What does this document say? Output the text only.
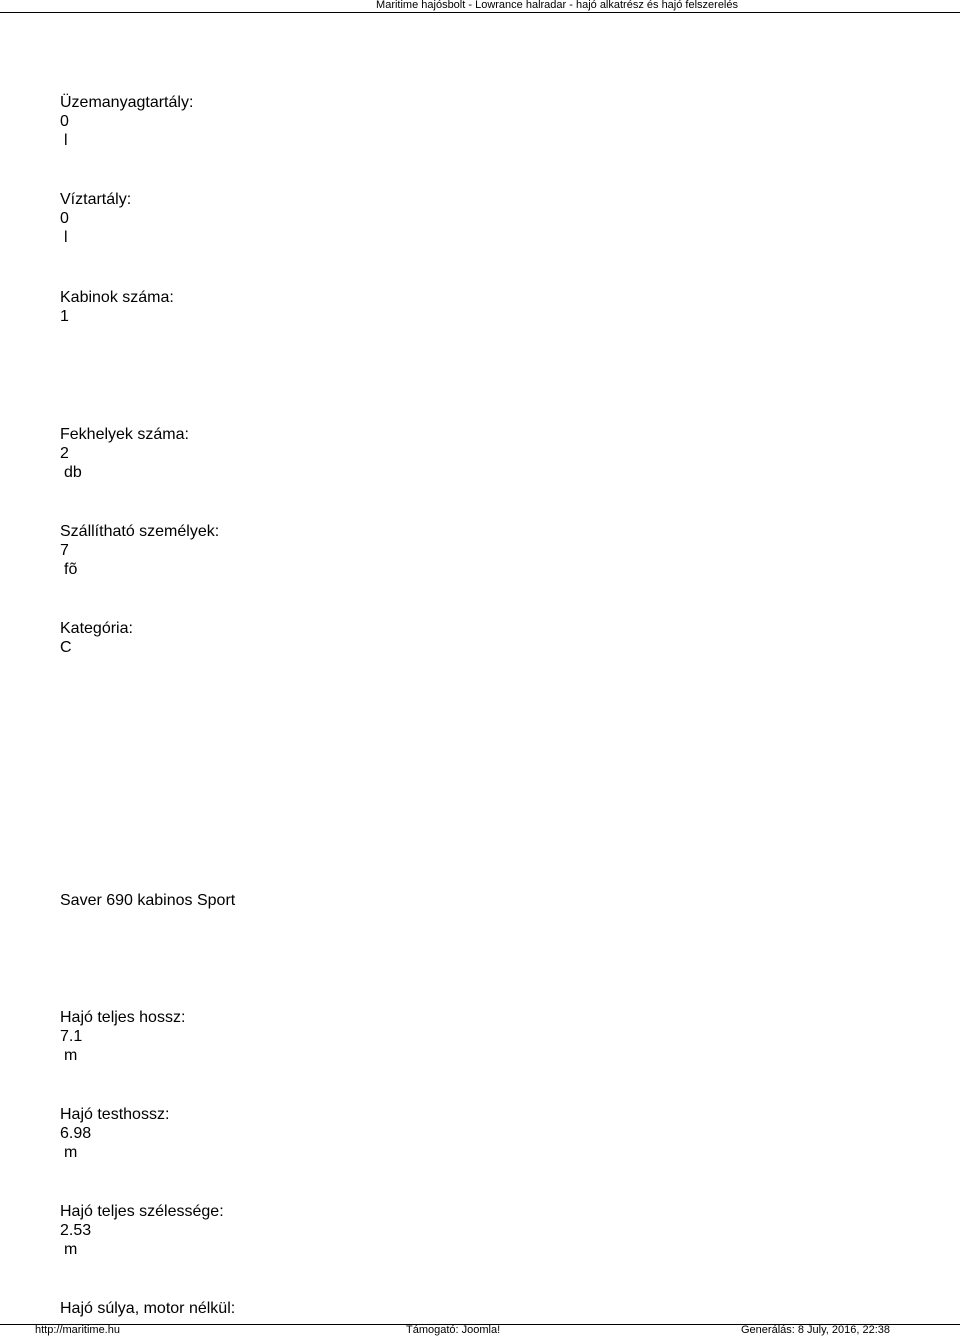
Maritime hajósbolt - Lowrance halradar - hajó alkatrész és hajó felszerelés
Üzemanyagtartály:
0
l
Víztartály:
0
l
Kabinok száma:
1
Fekhelyek száma:
2
db
Szállítható személyek:
7
fõ
Kategória:
C
Saver 690 kabinos Sport
Hajó teljes hossz:
7.1
m
Hajó testhossz:
6.98
m
Hajó teljes szélessége:
2.53
m
Hajó súlya, motor nélkül:
http://maritime.hu	Támogató: Joomla!	Generálás: 8 July, 2016, 22:38
